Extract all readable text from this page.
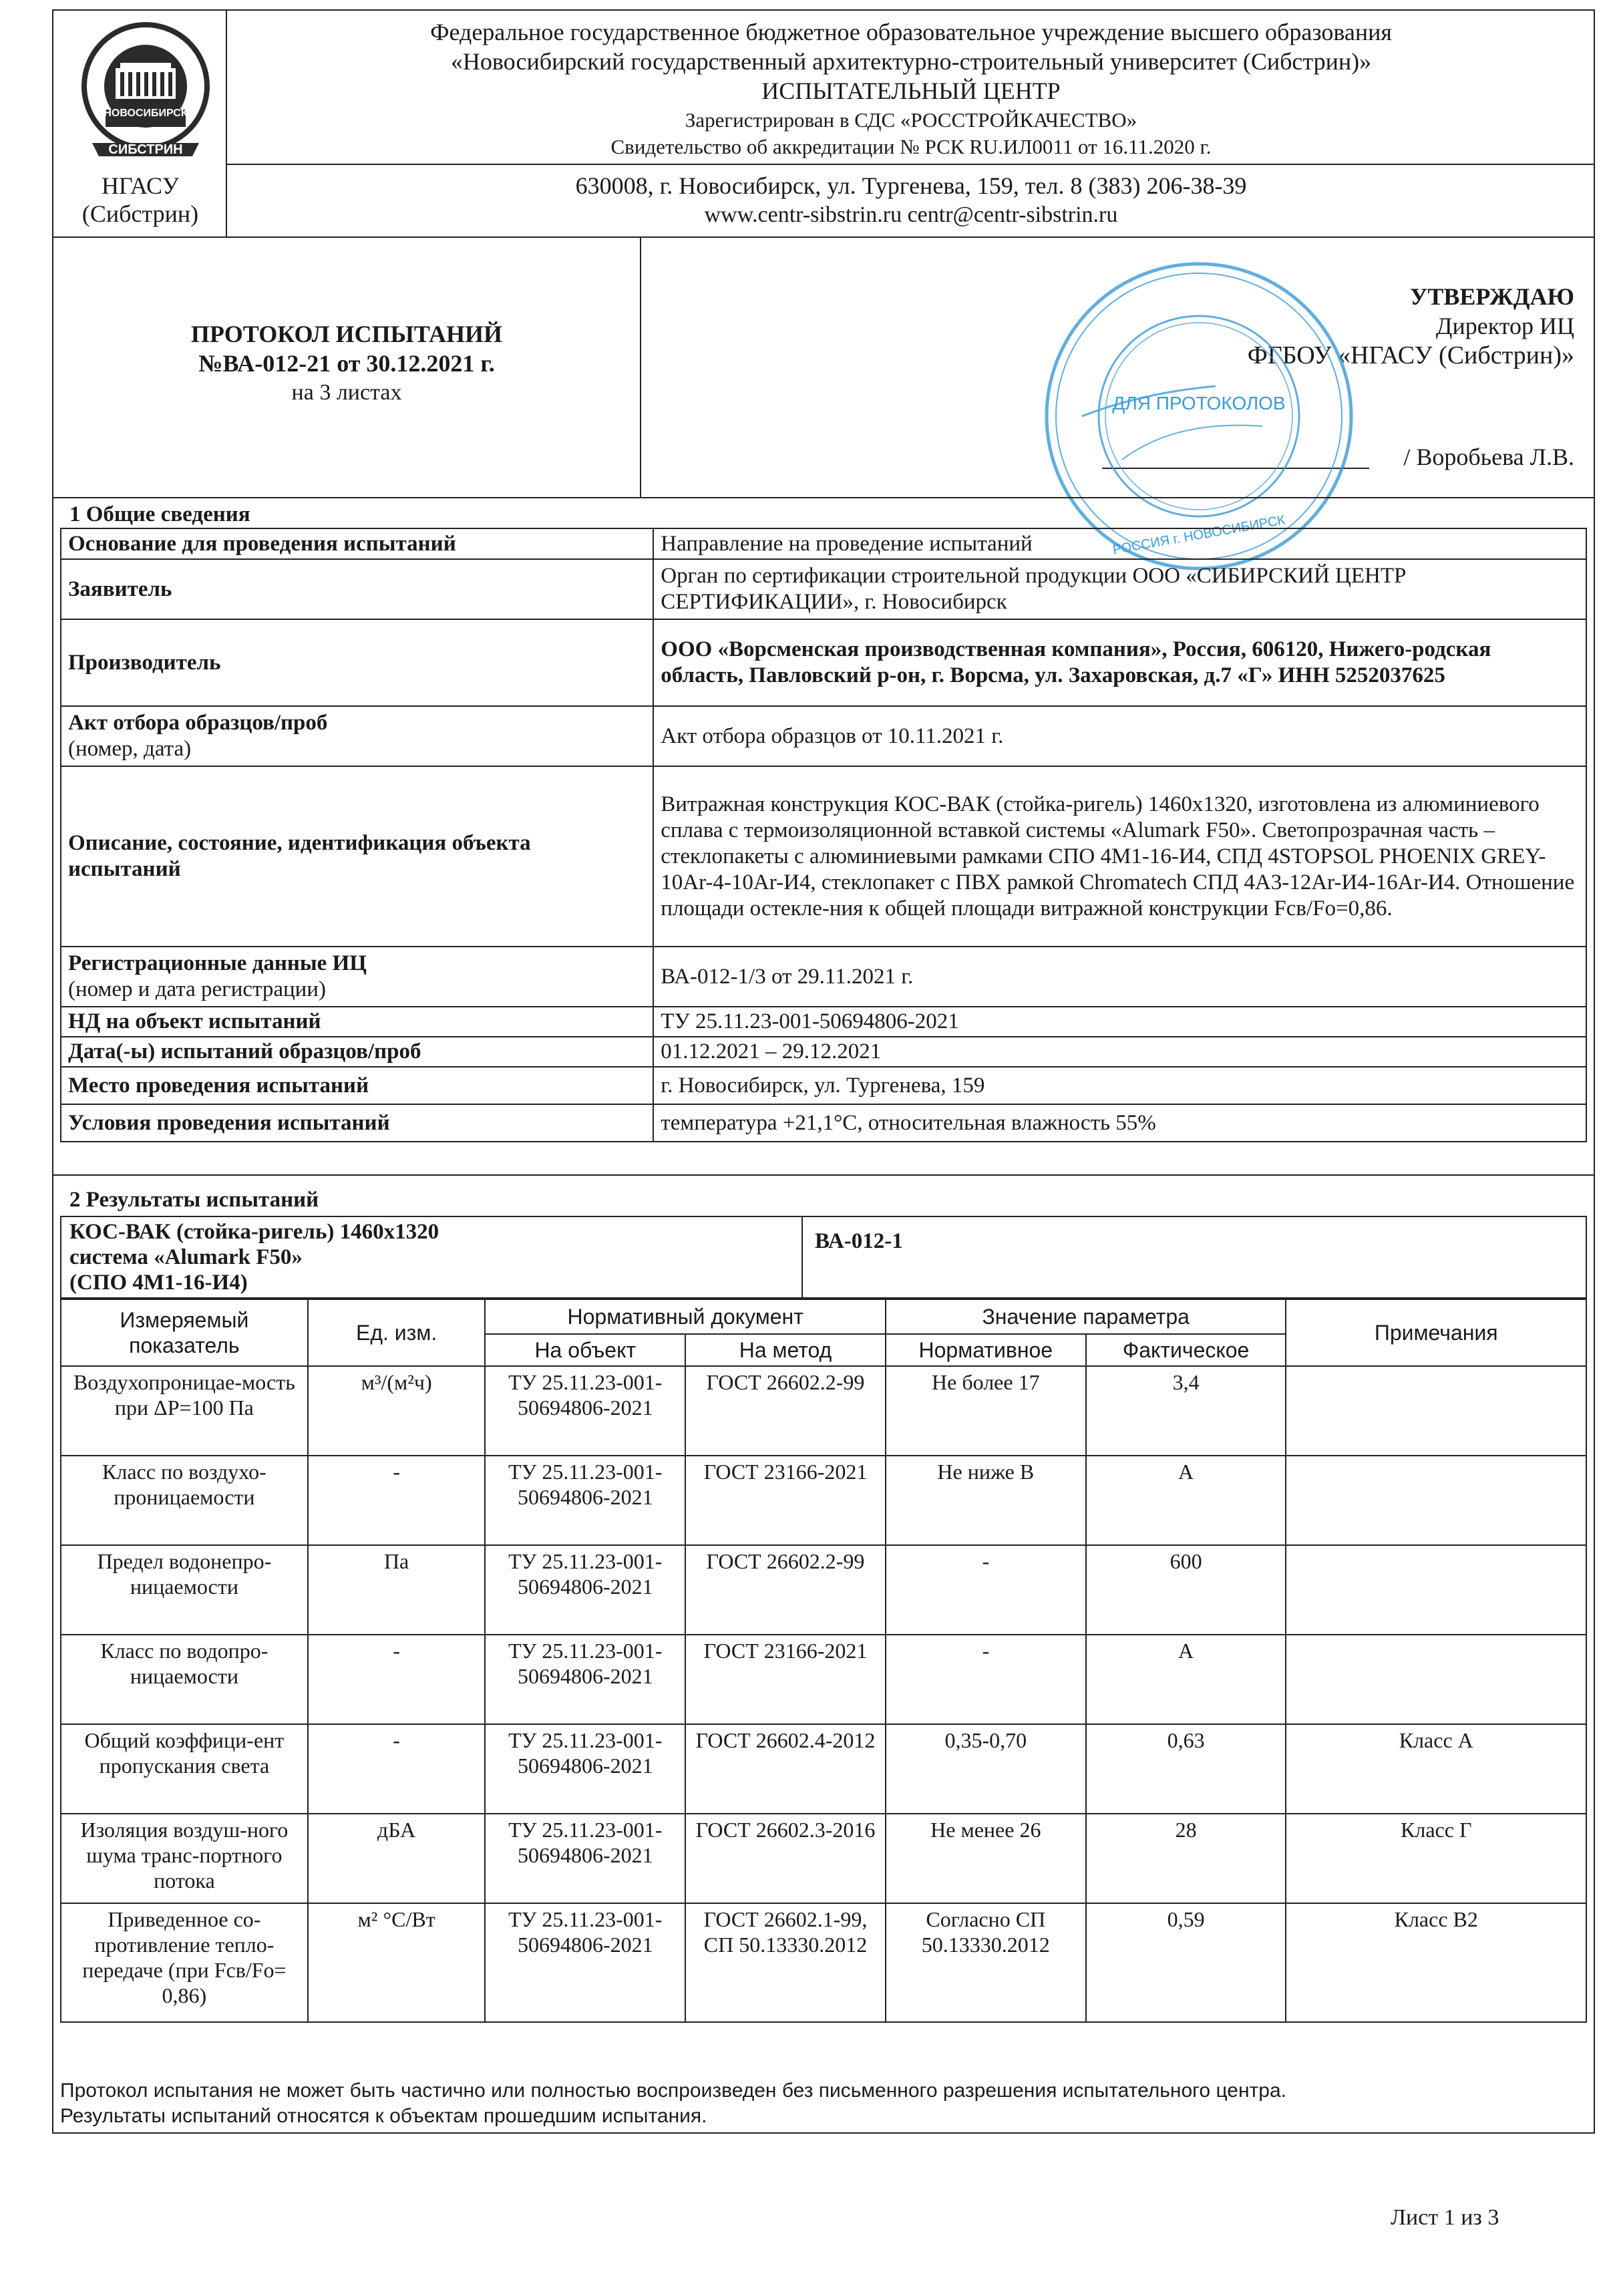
НОВОСИБИРСК
СИБСТРИН
НГАСУ
(Сибстрин)
Федеральное государственное бюджетное образовательное учреждение высшего образования
«Новосибирский государственный архитектурно-строительный университет (Сибстрин)»
ИСПЫТАТЕЛЬНЫЙ ЦЕНТР
Зарегистрирован в СДС «РОССТРОЙКАЧЕСТВО»
Свидетельство об аккредитации № РСК RU.ИЛ0011 от 16.11.2020 г.
630008, г. Новосибирск, ул. Тургенева, 159, тел. 8 (383) 206-38-39
www.centr-sibstrin.ru centr@centr-sibstrin.ru
ПРОТОКОЛ ИСПЫТАНИЙ
№ВА-012-21 от 30.12.2021 г.
на 3 листах
УТВЕРЖДАЮ
Директор ИЦ
ФГБОУ «НГАСУ (Сибстрин)»
/ Воробьева Л.В.
ДЛЯ ПРОТОКОЛОВ
РОССИЯ г. НОВОСИБИРСК
1 Общие сведения
Основание для проведения испытаний	Направление на проведение испытаний
Заявитель	Орган по сертификации строительной продукции ООО «СИБИРСКИЙ ЦЕНТР СЕРТИФИКАЦИИ», г. Новосибирск
Производитель	ООО «Ворсменская производственная компания», Россия, 606120, Нижего-родская область, Павловский р-он, г. Ворсма, ул. Захаровская, д.7 «Г» ИНН 5252037625

Акт отбора образцов/проб
(номер, дата)	Акт отбора образцов от 10.11.2021 г.
Описание, состояние, идентификация объекта испытаний	Витражная конструкция КОС-ВАК (стойка-ригель) 1460x1320, изготовлена из алюминиевого сплава с термоизоляционной вставкой системы «Alumark F50». Светопрозрачная часть – стеклопакеты с алюминиевыми рамками СПО 4М1-16-И4, СПД 4STOPSOL PHOENIX GREY-10Ar-4-10Ar-И4, стеклопакет с ПВХ рамкой Chromatech СПД 4А3-12Ar-И4-16Ar-И4. Отношение площади остекле-ния к общей площади витражной конструкции Fсв/Fо=0,86.

Регистрационные данные ИЦ
(номер и дата регистрации)	ВА-012-1/3 от 29.11.2021 г.
НД на объект испытаний	ТУ 25.11.23-001-50694806-2021
Дата(-ы) испытаний образцов/проб	01.12.2021 – 29.12.2021
Место проведения испытаний	г. Новосибирск, ул. Тургенева, 159
Условия проведения испытаний	температура +21,1°С, относительная влажность 55%
2 Результаты испытаний
КОС-ВАК (стойка-ригель) 1460х1320
система «Alumark F50»
(СПО 4М1-16-И4)
ВА-012-1
Измеряемый показатель	Ед. изм.	Нормативный документ		Значение параметра		Примечания
		На объект	На метод	Нормативное	Фактическое	
Воздухопроницае-мость при ΔP=100 Па	м³/(м²ч)	ТУ 25.11.23-001-50694806-2021	ГОСТ 26602.2-99	Не более 17	3,4	
Класс по воздухо-проницаемости	-	ТУ 25.11.23-001-50694806-2021	ГОСТ 23166-2021	Не ниже В	А	
Предел водонепро-ницаемости	Па	ТУ 25.11.23-001-50694806-2021	ГОСТ 26602.2-99	-	600	
Класс по водопро-ницаемости	-	ТУ 25.11.23-001-50694806-2021	ГОСТ 23166-2021	-	А	
Общий коэффици-ент пропускания света	-	ТУ 25.11.23-001-50694806-2021	ГОСТ 26602.4-2012	0,35-0,70	0,63	Класс А
Изоляция воздуш-ного шума транс-портного потока	дБА	ТУ 25.11.23-001-50694806-2021	ГОСТ 26602.3-2016	Не менее 26	28	Класс Г
Приведенное со-противление тепло-передаче (при Fсв/Fо= 0,86)	м² °С/Вт	ТУ 25.11.23-001-50694806-2021	ГОСТ 26602.1-99, СП 50.13330.2012	Согласно СП 50.13330.2012	0,59	Класс В2
Протокол испытания не может быть частично или полностью воспроизведен без письменного разрешения испытательного центра.
Результаты испытаний относятся к объектам прошедшим испытания.
Лист 1 из 3
